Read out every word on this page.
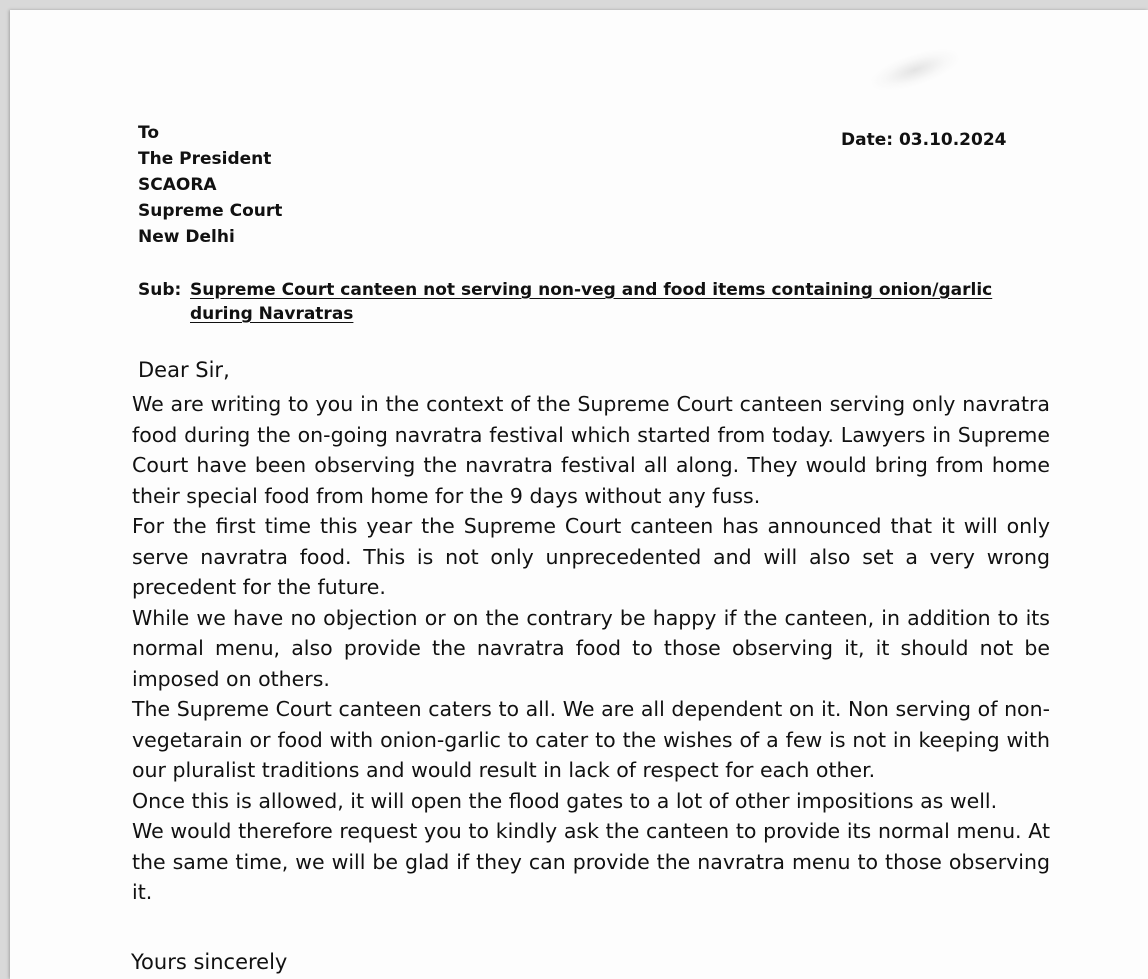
To
The President
SCAORA
Supreme Court
New Delhi
Date: 03.10.2024
Sub: Supreme Court canteen not serving non-veg and food items containing onion/garlic during Navratras
Dear Sir,

We are writing to you in the context of the Supreme Court canteen serving only navratra food during the on-going navratra festival which started from today. Lawyers in Supreme Court have been observing the navratra festival all along. They would bring from home their special food from home for the 9 days without any fuss.

For the first time this year the Supreme Court canteen has announced that it will only serve navratra food. This is not only unprecedented and will also set a very wrong precedent for the future.

While we have no objection or on the contrary be happy if the canteen, in addition to its normal menu, also provide the navratra food to those observing it, it should not be imposed on others.

The Supreme Court canteen caters to all. We are all dependent on it. Non serving of non-vegetarain or food with onion-garlic to cater to the wishes of a few is not in keeping with our pluralist traditions and would result in lack of respect for each other.

Once this is allowed, it will open the flood gates to a lot of other impositions as well.

We would therefore request you to kindly ask the canteen to provide its normal menu. At the same time, we will be glad if they can provide the navratra menu to those observing it.

Yours sincerely
